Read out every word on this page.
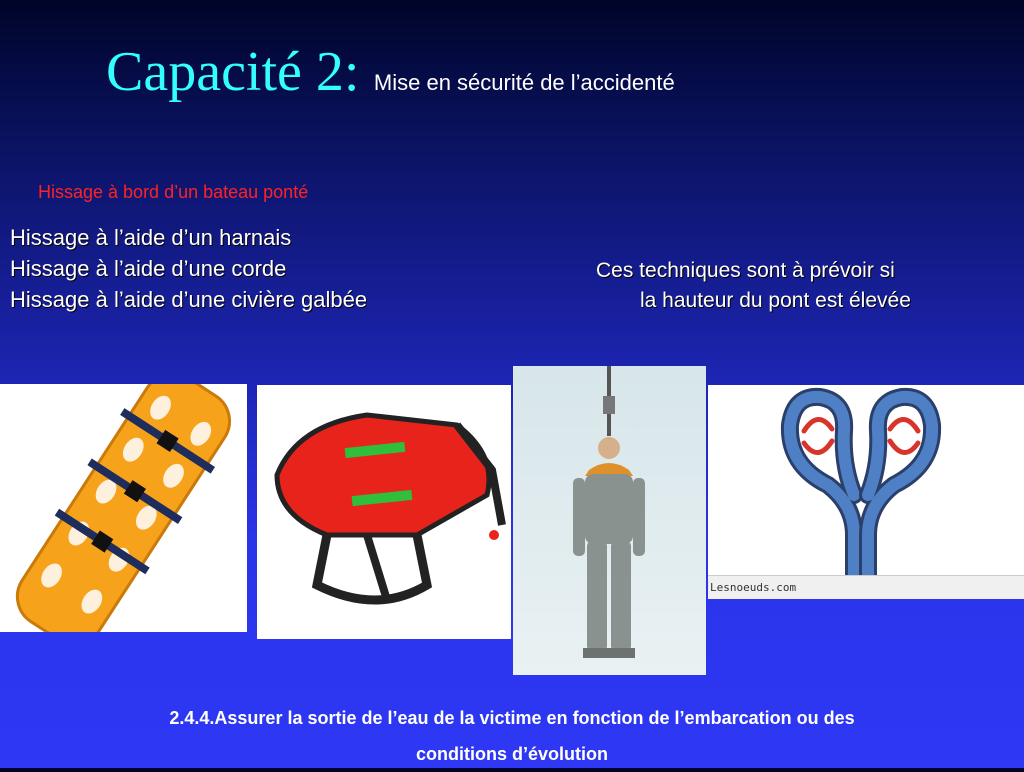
Capacité 2: Mise en sécurité de l’accidenté
Hissage à bord d’un bateau ponté
Hissage à l’aide d’un harnais
Hissage à l’aide d’une corde
Hissage à l’aide d’une civière galbée
Ces techniques sont à prévoir si
la hauteur du pont est élevée
Lesnoeuds.com
2.4.4.Assurer la sortie de l’eau de la victime en fonction de l’embarcation ou des
conditions d’évolution
